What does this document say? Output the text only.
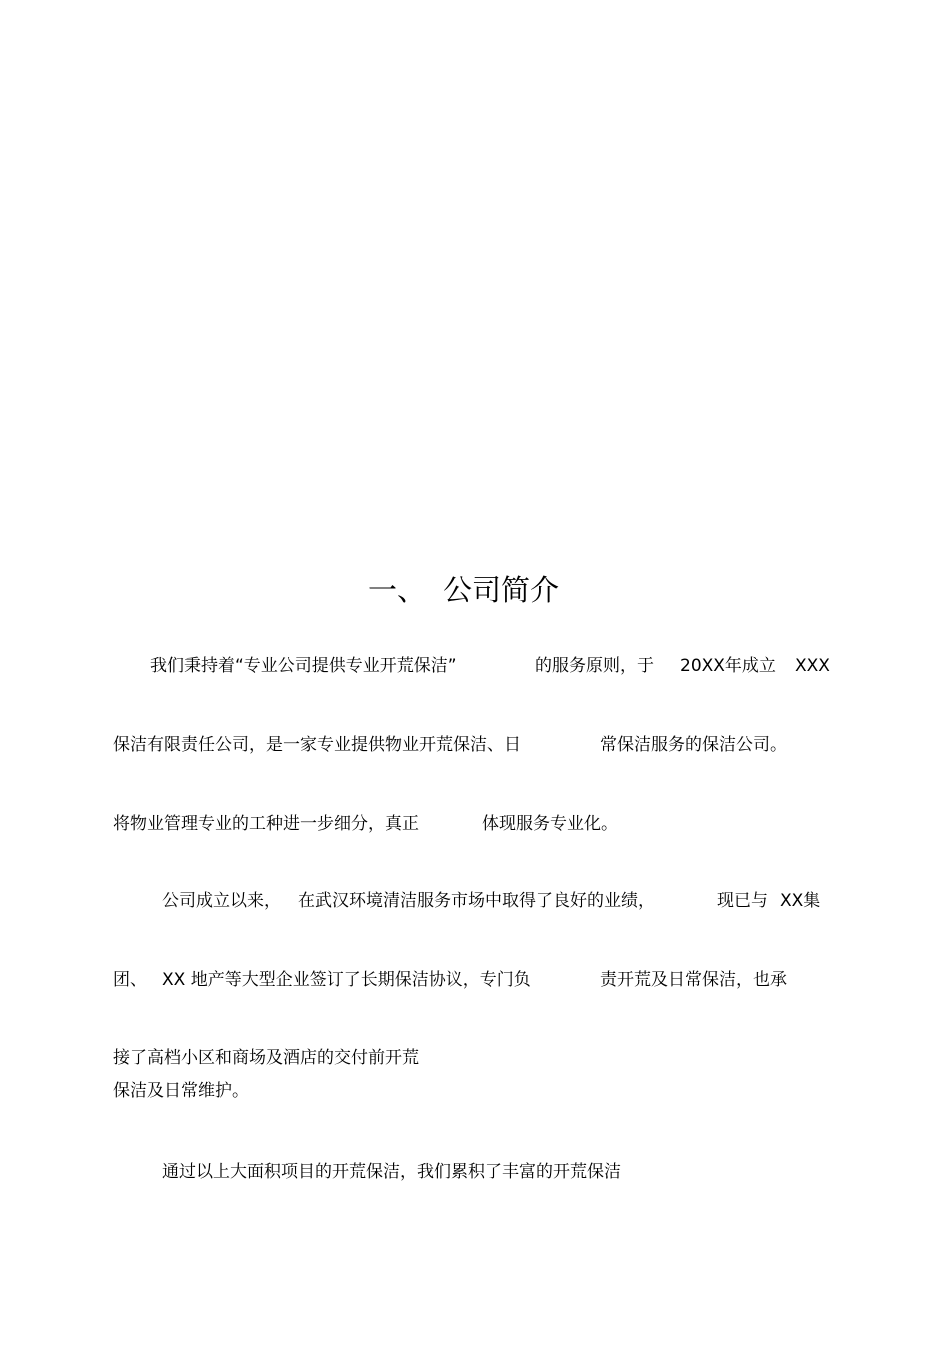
一、 公司简介
我们秉持着“专业公司提供专业开荒保洁”	的服务原则，于 20XX年成立 XXX
保洁有限责任公司，是一家专业提供物业开荒保洁、日	常保洁服务的保洁公司。
将物业管理专业的工种进一步细分，真正	体现服务专业化。
公司成立以来， 在武汉环境清洁服务市场中取得了良好的业绩，	现已与 XX集
团、 XX 地产等大型企业签订了长期保洁协议，专门负	责开荒及日常保洁，也承
接了高档小区和商场及酒店的交付前开荒
保洁及日常维护。
通过以上大面积项目的开荒保洁，我们累积了丰富的开荒保洁
